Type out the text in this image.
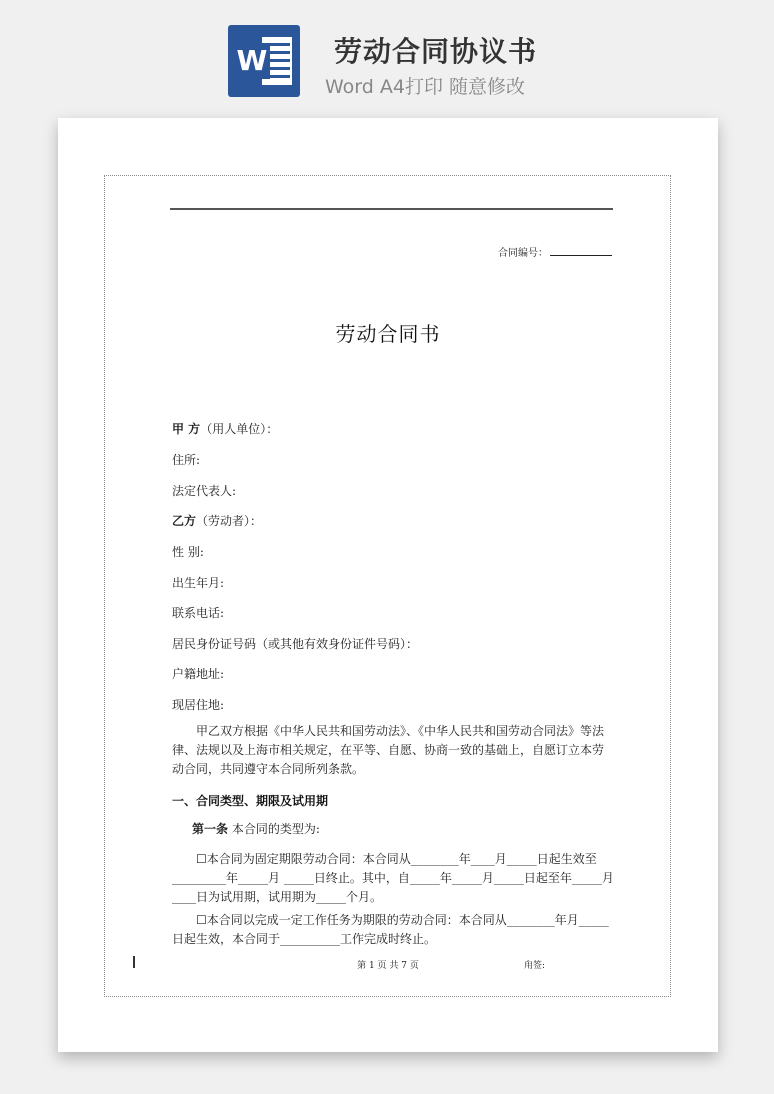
W 劳动合同协议书
Word A4打印 随意修改
合同编号：
劳动合同书
甲 方（用人单位）：
住所:
法定代表人:
乙方（劳动者）：
性 别:
出生年月:
联系电话:
居民身份证号码（或其他有效身份证件号码）：
户籍地址:
现居住地:
甲乙双方根据《中华人民共和国劳动法》、《中华人民共和国劳动合同法》等法律、法规以及上海市相关规定，在平等、自愿、协商一致的基础上，自愿订立本劳动合同，共同遵守本合同所列条款。
一、合同类型、期限及试用期
第一条 本合同的类型为:
☐本合同为固定期限劳动合同：本合同从________年____月_____日起生效至_________年_____月 _____日终止。其中，自_____年_____月_____日起至年_____月____日为试用期，试用期为_____个月。
☐本合同以完成一定工作任务为期限的劳动合同：本合同从________年月_____日起生效，本合同于__________工作完成时终止。
第 1 页 共 7 页	甪签:
